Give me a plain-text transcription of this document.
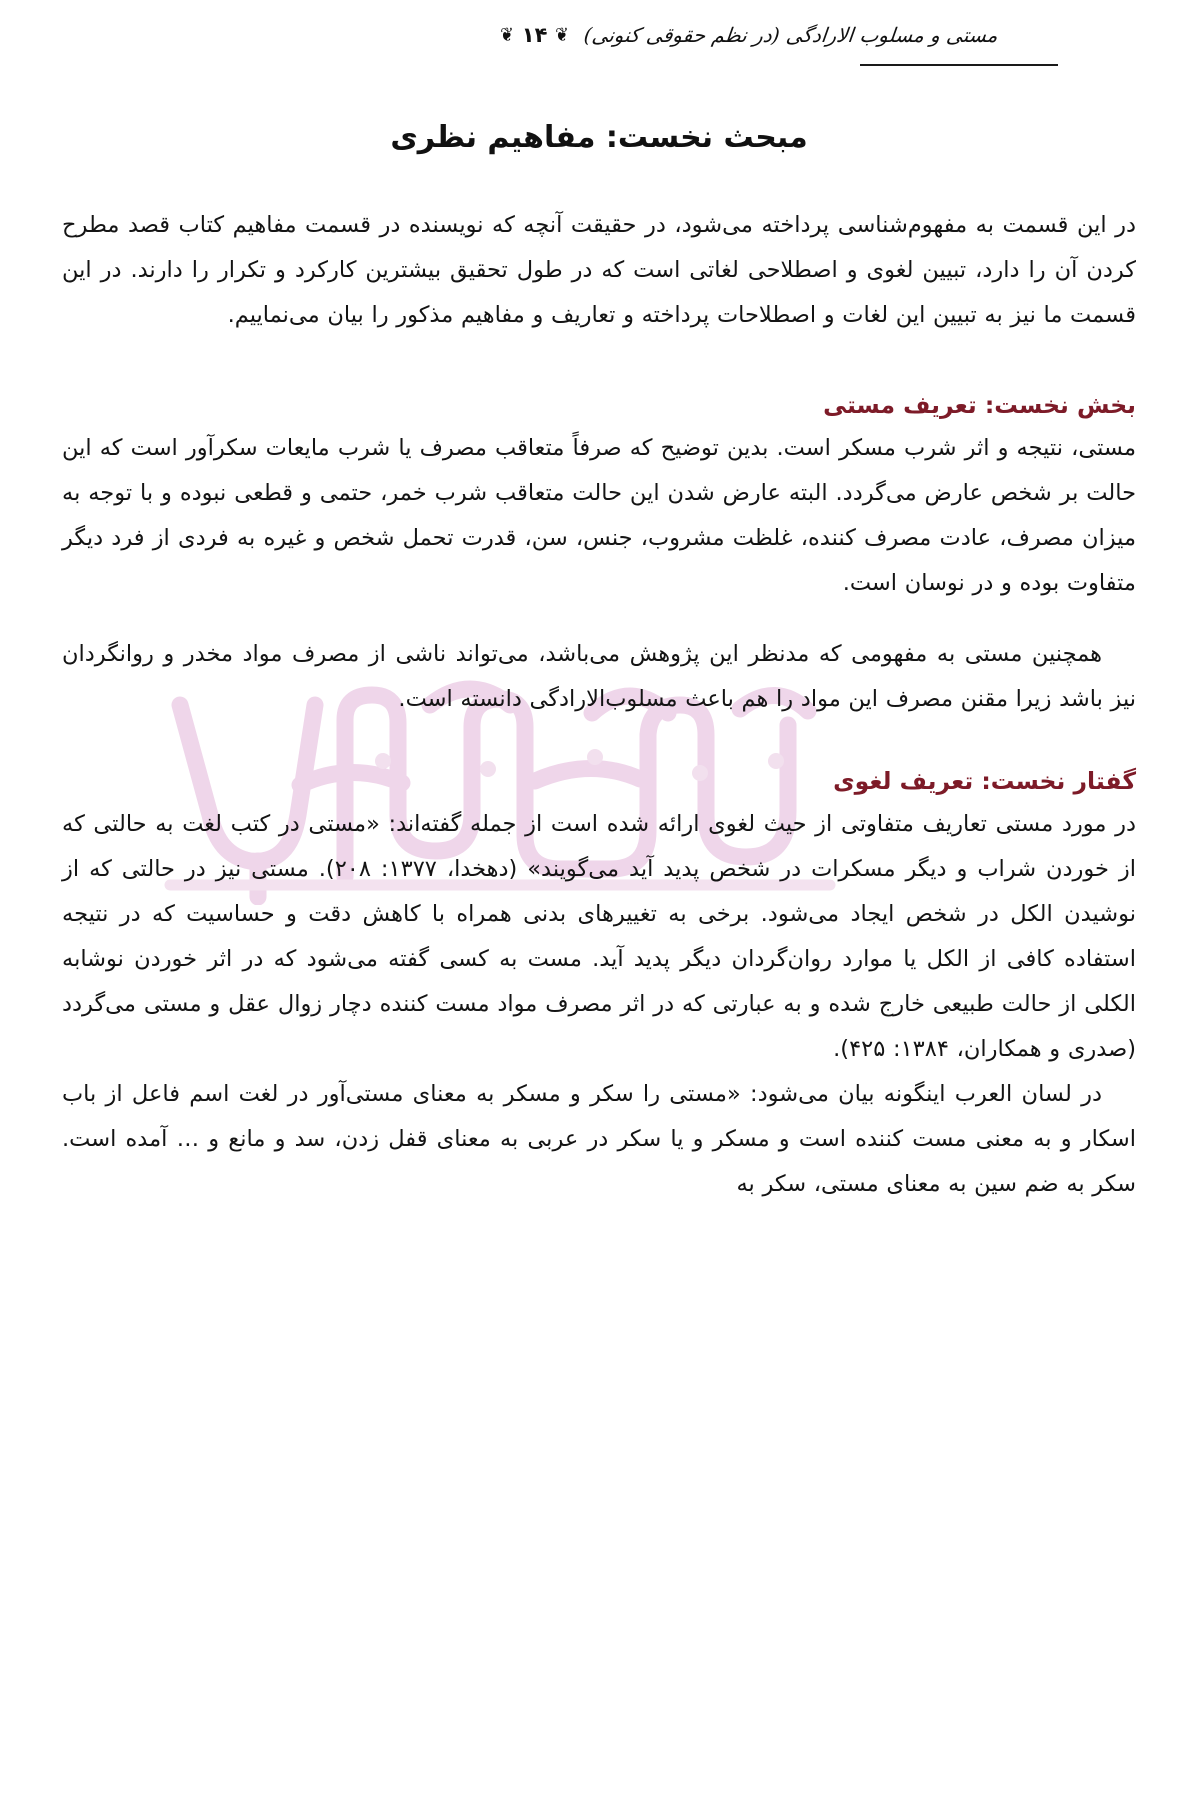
مستی و مسلوب الاراد‌گی (در نظم حقوقی کنونی)
❦
۱۴
❦
مبحث نخست: مفاهیم نظری

در این قسمت به مفهوم‌شناسی پرداخته می‌شود، در حقیقت آنچه که نویسنده در قسمت مفاهیم کتاب قصد مطرح کردن آن را دارد، تبیین لغوی و اصطلاحی لغاتی است که در طول تحقیق بیشترین کارکرد و تکرار را دارند. در این قسمت ما نیز به تبیین این لغات و اصطلاحات پرداخته و تعاریف و مفاهیم مذکور را بیان می‌نماییم.

بخش نخست: تعریف مستی

مستی، نتیجه و اثر شرب مسکر است. بدین توضیح که صرفاً متعاقب مصرف یا شرب مایعات سکرآور است که این حالت بر شخص عارض می‌گردد. البته عارض شدن این حالت متعاقب شرب خمر، حتمی و قطعی نبوده و با توجه به میزان مصرف، عادت مصرف کننده، غلظت مشروب، جنس، سن، قدرت تحمل شخص و غیره به فردی از فرد دیگر متفاوت بوده و در نوسان است.

همچنین مستی به مفهومی که مدنظر این پژوهش می‌باشد، می‌تواند ناشی از مصرف مواد مخدر و روانگردان نیز باشد زیرا مقنن مصرف این مواد را هم باعث مسلوب‌الاراد‌گی دانسته است.

گفتار نخست: تعریف لغوی

در مورد مستی تعاریف متفاوتی از حیث لغوی ارائه شده است از جمله گفته‌اند: «مستی در کتب لغت به حالتی که از خوردن شراب و دیگر مسکرات در شخص پدید آید می‌گویند» (دهخدا، ۱۳۷۷: ۲۰۸). مستی نیز در حالتی که از نوشیدن الکل در شخص ایجاد می‌شود. برخی به تغییرهای بدنی همراه با کاهش دقت و حساسیت که در نتیجه استفاده کافی از الکل یا موارد روان‌گردان دیگر پدید آید. مست به کسی گفته می‌شود که در اثر خوردن نوشابه الکلی از حالت طبیعی خارج شده و به عبارتی که در اثر مصرف مواد مست کننده دچار زوال عقل و مستی می‌گردد (صدری و همکاران، ۱۳۸۴: ۴۲۵).

در لسان العرب اینگونه بیان می‌شود: «مستی را سکر و مسکر به معنای مستی‌آور در لغت اسم فاعل از باب اسکار و به معنی مست کننده است و مسکر و یا سکر در عربی به معنای قفل زدن، سد و مانع و … آمده است. سکر به ضم سین به معنای مستی، سکر به
